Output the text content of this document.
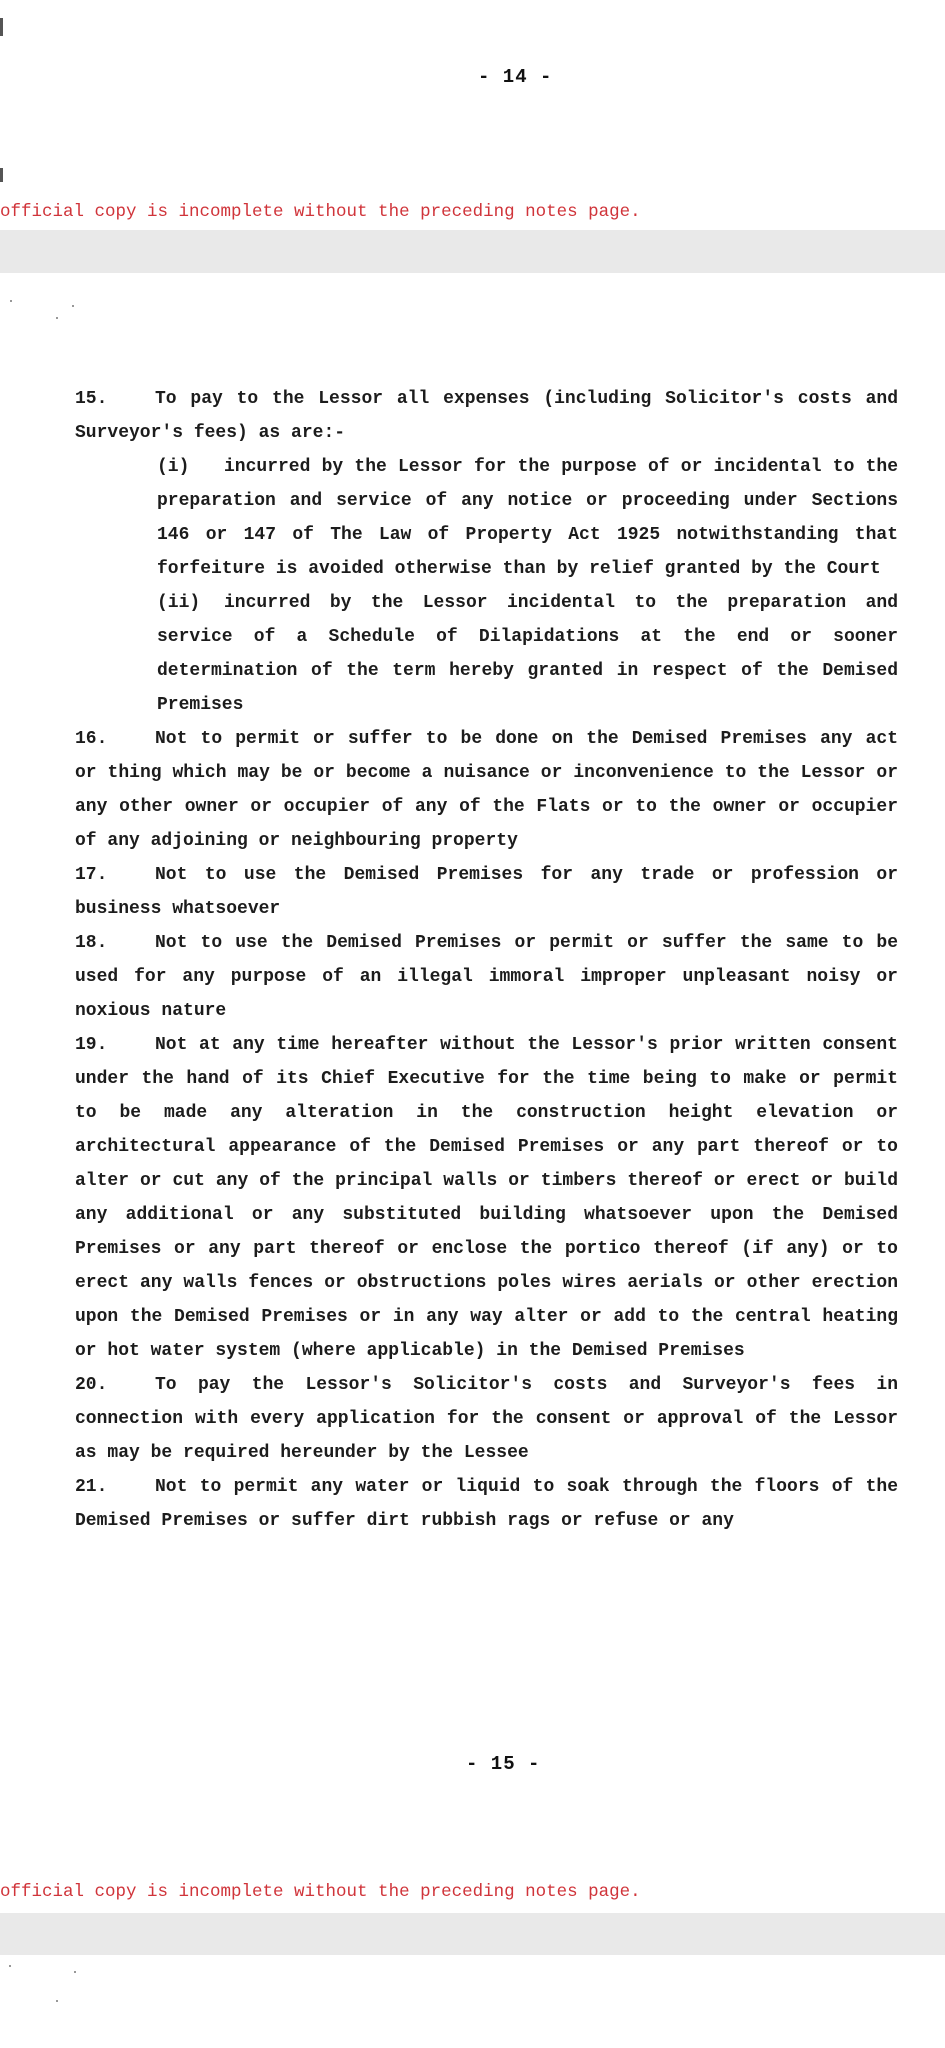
- 14 -
official copy is incomplete without the preceding notes page.

15.	To pay to the Lessor all expenses (including Solicitor's costs and Surveyor's fees) as are:-

(i) incurred by the Lessor for the purpose of or incidental to the preparation and service of any notice or proceeding under Sections 146 or 147 of The Law of Property Act 1925 notwithstanding that forfeiture is avoided otherwise than by relief granted by the Court

(ii) incurred by the Lessor incidental to the preparation and service of a Schedule of Dilapidations at the end or sooner determination of the term hereby granted in respect of the Demised Premises

16.	Not to permit or suffer to be done on the Demised Premises any act or thing which may be or become a nuisance or inconvenience to the Lessor or any other owner or occupier of any of the Flats or to the owner or occupier of any adjoining or neighbouring property

17.	Not to use the Demised Premises for any trade or profession or business whatsoever

18.	Not to use the Demised Premises or permit or suffer the same to be used for any purpose of an illegal immoral improper unpleasant noisy or noxious nature

19.	Not at any time hereafter without the Lessor's prior written consent under the hand of its Chief Executive for the time being to make or permit to be made any alteration in the construction height elevation or architectural appearance of the Demised Premises or any part thereof or to alter or cut any of the principal walls or timbers thereof or erect or build any additional or any substituted building whatsoever upon the Demised Premises or any part thereof or enclose the portico thereof (if any) or to erect any walls fences or obstructions poles wires aerials or other erection upon the Demised Premises or in any way alter or add to the central heating or hot water system (where applicable) in the Demised Premises

20.	To pay the Lessor's Solicitor's costs and Surveyor's fees in connection with every application for the consent or approval of the Lessor as may be required hereunder by the Lessee

21.	Not to permit any water or liquid to soak through the floors of the Demised Premises or suffer dirt rubbish rags or refuse or any

- 15 -
official copy is incomplete without the preceding notes page.
